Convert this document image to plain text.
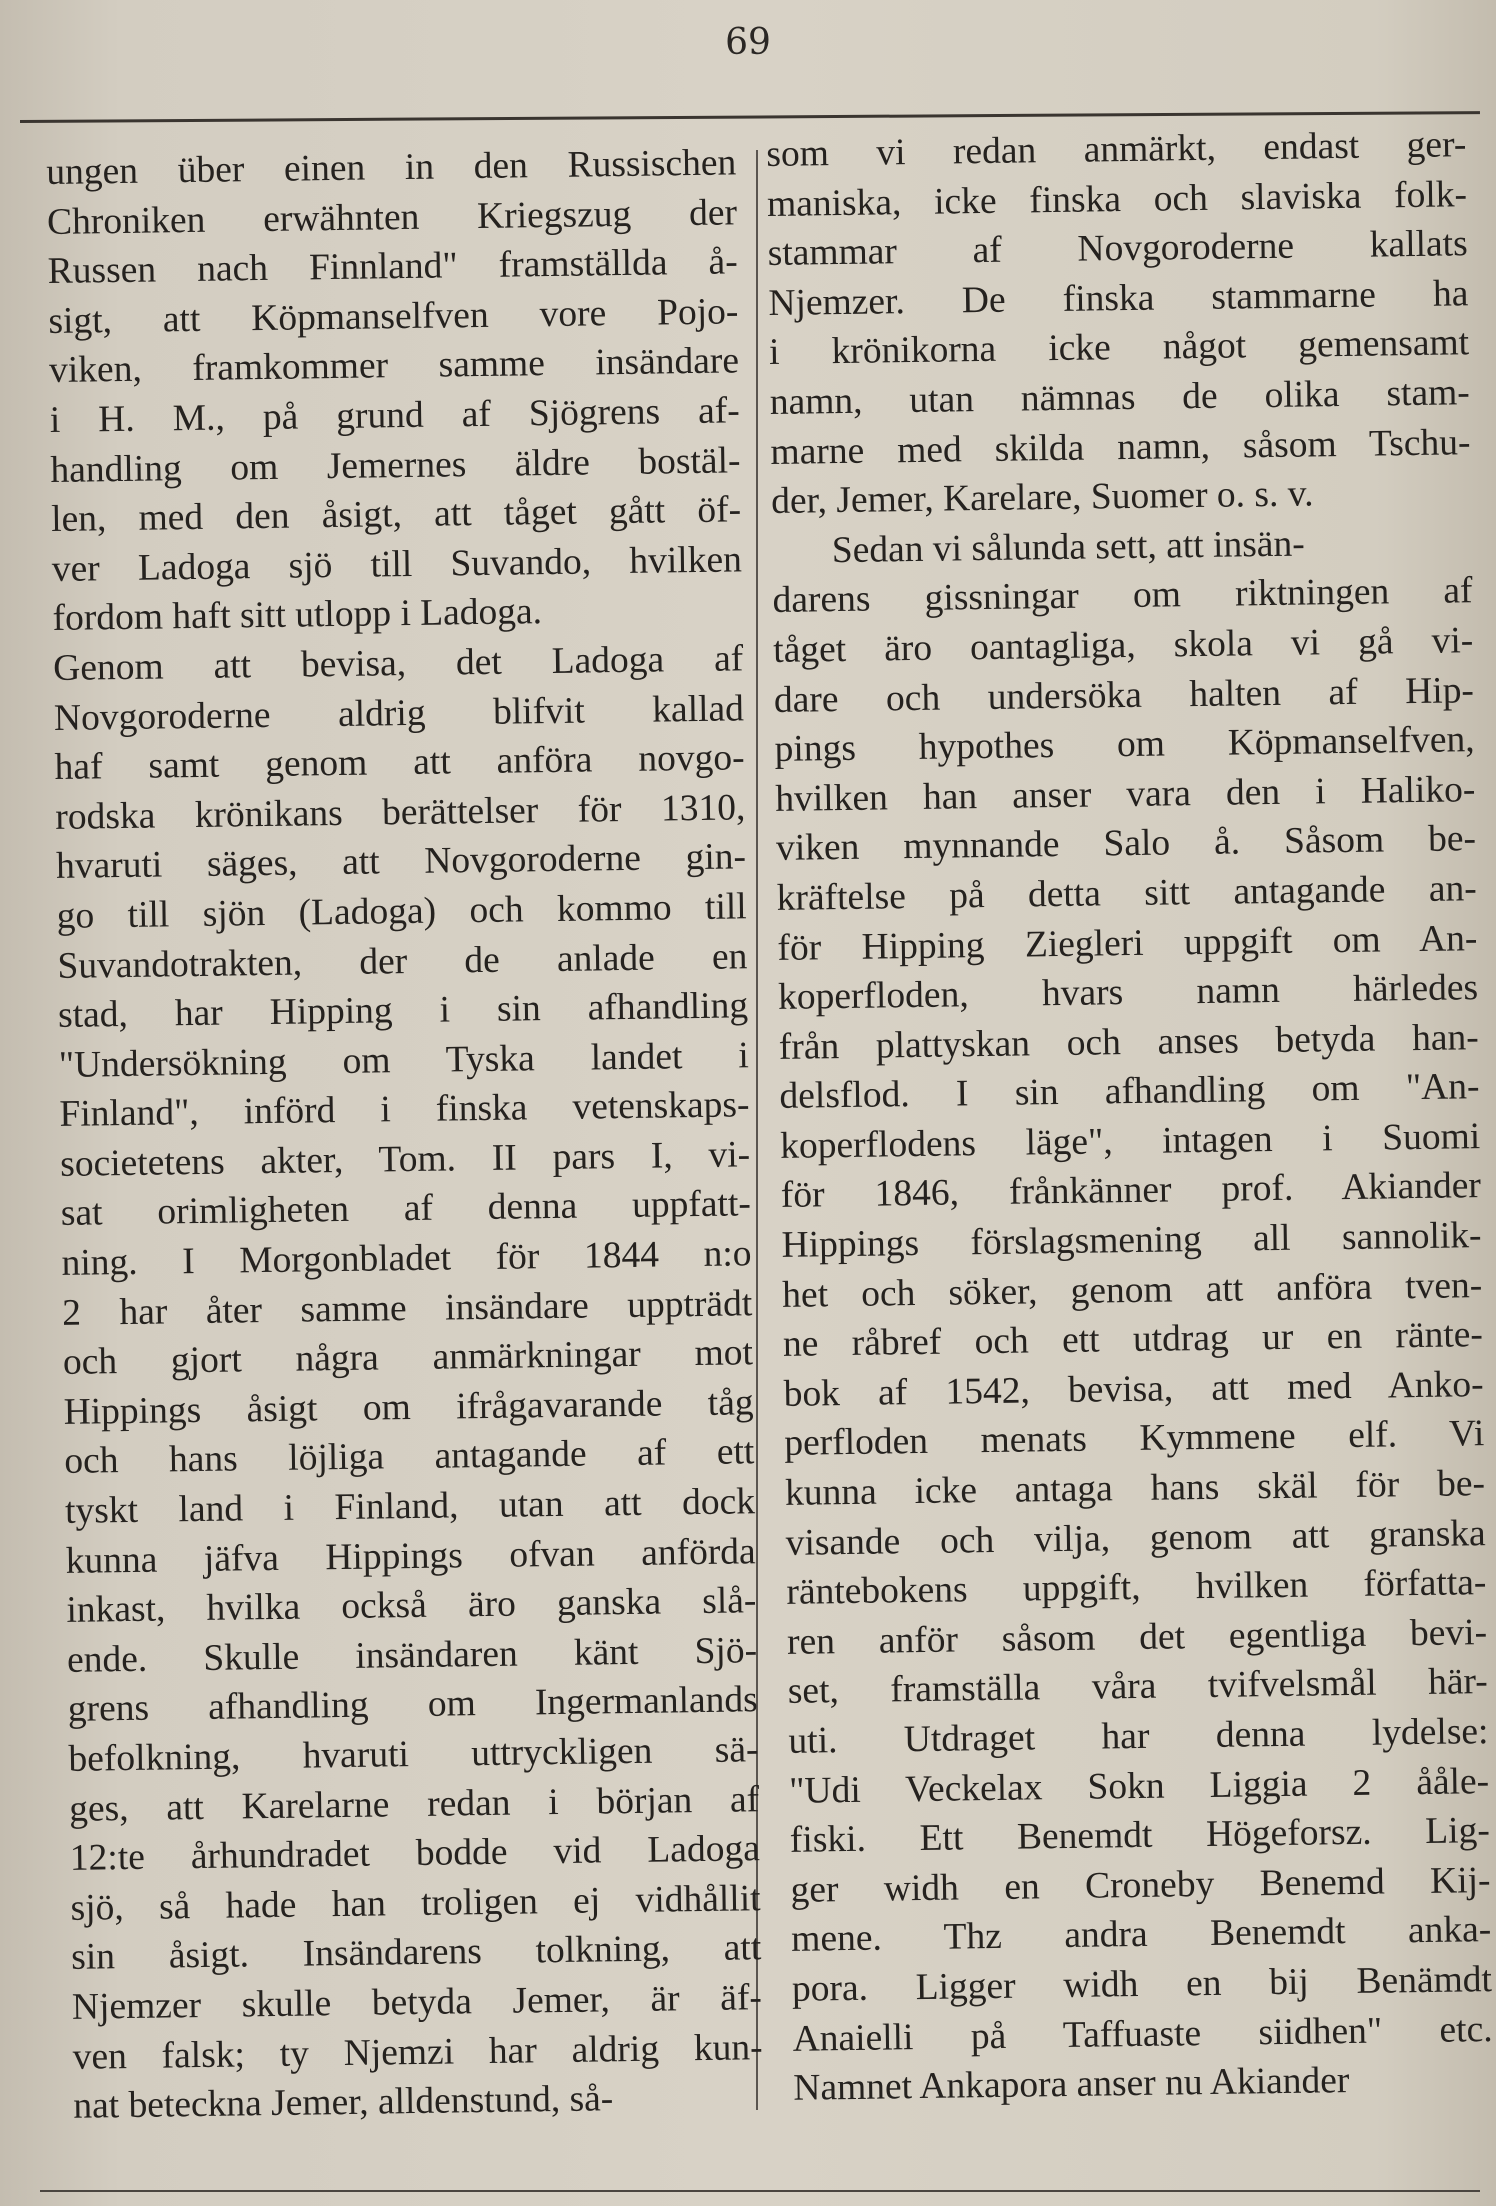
69
ungen über einen in den Russischen
Chroniken erwähnten Kriegszug der
Russen nach Finnland" framställda å-
sigt, att Köpmanselfven vore Pojo-
viken, framkommer samme insändare
i H. M., på grund af Sjögrens af-
handling om Jemernes äldre bostäl-
len, med den åsigt, att tåget gått öf-
ver Ladoga sjö till Suvando, hvilken
fordom haft sitt utlopp i Ladoga.
Genom att bevisa, det Ladoga af
Novgoroderne aldrig blifvit kallad
haf samt genom att anföra novgo-
rodska krönikans berättelser för 1310,
hvaruti säges, att Novgoroderne gin-
go till sjön (Ladoga) och kommo till
Suvandotrakten, der de anlade en
stad, har Hipping i sin afhandling
"Undersökning om Tyska landet i
Finland", införd i finska vetenskaps-
societetens akter, Tom. II pars I, vi-
sat orimligheten af denna uppfatt-
ning. I Morgonbladet för 1844 n:o
2 har åter samme insändare uppträdt
och gjort några anmärkningar mot
Hippings åsigt om ifrågavarande tåg
och hans löjliga antagande af ett
tyskt land i Finland, utan att dock
kunna jäfva Hippings ofvan anförda
inkast, hvilka också äro ganska slå-
ende. Skulle insändaren känt Sjö-
grens afhandling om Ingermanlands
befolkning, hvaruti uttryckligen sä-
ges, att Karelarne redan i början af
12:te århundradet bodde vid Ladoga
sjö, så hade han troligen ej vidhållit
sin åsigt. Insändarens tolkning, att
Njemzer skulle betyda Jemer, är äf-
ven falsk; ty Njemzi har aldrig kun-
nat beteckna Jemer, alldenstund, så-
som vi redan anmärkt, endast ger-
maniska, icke finska och slaviska folk-
stammar af Novgoroderne kallats
Njemzer. De finska stammarne ha
i krönikorna icke något gemensamt
namn, utan nämnas de olika stam-
marne med skilda namn, såsom Tschu-
der, Jemer, Karelare, Suomer o. s. v.
Sedan vi sålunda sett, att insän-
darens gissningar om riktningen af
tåget äro oantagliga, skola vi gå vi-
dare och undersöka halten af Hip-
pings hypothes om Köpmanselfven,
hvilken han anser vara den i Haliko-
viken mynnande Salo å. Såsom be-
kräftelse på detta sitt antagande an-
för Hipping Ziegleri uppgift om An-
koperfloden, hvars namn härledes
från plattyskan och anses betyda han-
delsflod. I sin afhandling om "An-
koperflodens läge", intagen i Suomi
för 1846, frånkänner prof. Akiander
Hippings förslagsmening all sannolik-
het och söker, genom att anföra tven-
ne råbref och ett utdrag ur en ränte-
bok af 1542, bevisa, att med Anko-
perfloden menats Kymmene elf. Vi
kunna icke antaga hans skäl för be-
visande och vilja, genom att granska
räntebokens uppgift, hvilken författa-
ren anför såsom det egentliga bevi-
set, framställa våra tvifvelsmål här-
uti. Utdraget har denna lydelse:
"Udi Veckelax Sokn Liggia 2 ååle-
fiski. Ett Benemdt Högeforsz. Lig-
ger widh en Croneby Benemd Kij-
mene. Thz andra Benemdt anka-
pora. Ligger widh en bij Benämdt
Anaielli på Taffuaste siidhen" etc.
Namnet Ankapora anser nu Akiander
